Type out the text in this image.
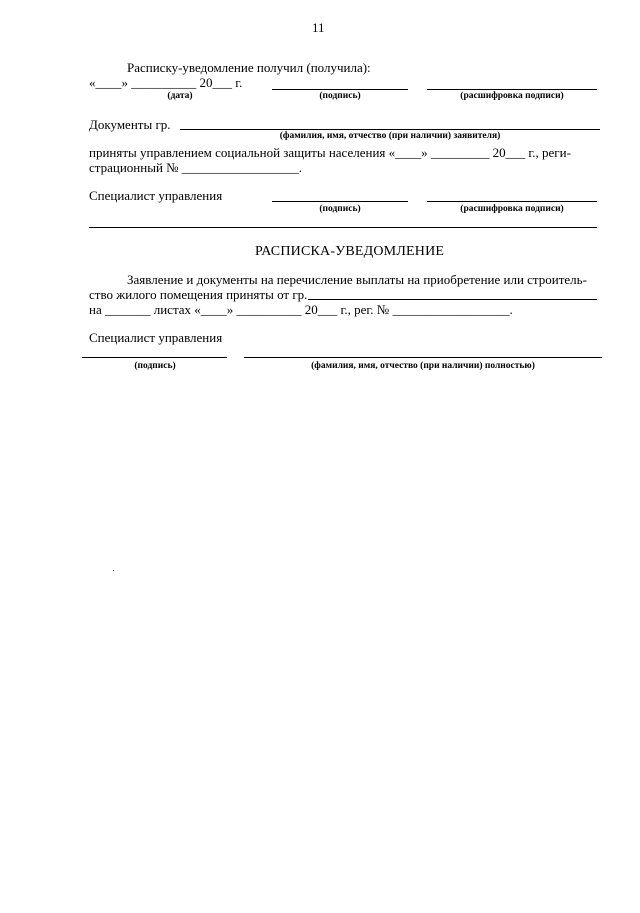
11
Расписку-уведомление получил (получила):
«____» __________ 20___ г.
(дата)	(подпись)	(расшифровка подписи)
Документы гр.
(фамилия, имя, отчество (при наличии) заявителя)
приняты управлением социальной защиты населения «____» _________ 20___ г., реги-
страционный № __________________.
Специалист управления
(подпись)	(расшифровка подписи)
РАСПИСКА-УВЕДОМЛЕНИЕ
Заявление и документы на перечисление выплаты на приобретение или строитель-
ство жилого помещения приняты от гр.
на _______ листах «____» __________ 20___ г., рег. № __________________.
Специалист управления
(подпись)	(фамилия, имя, отчество (при наличии) полностью)
